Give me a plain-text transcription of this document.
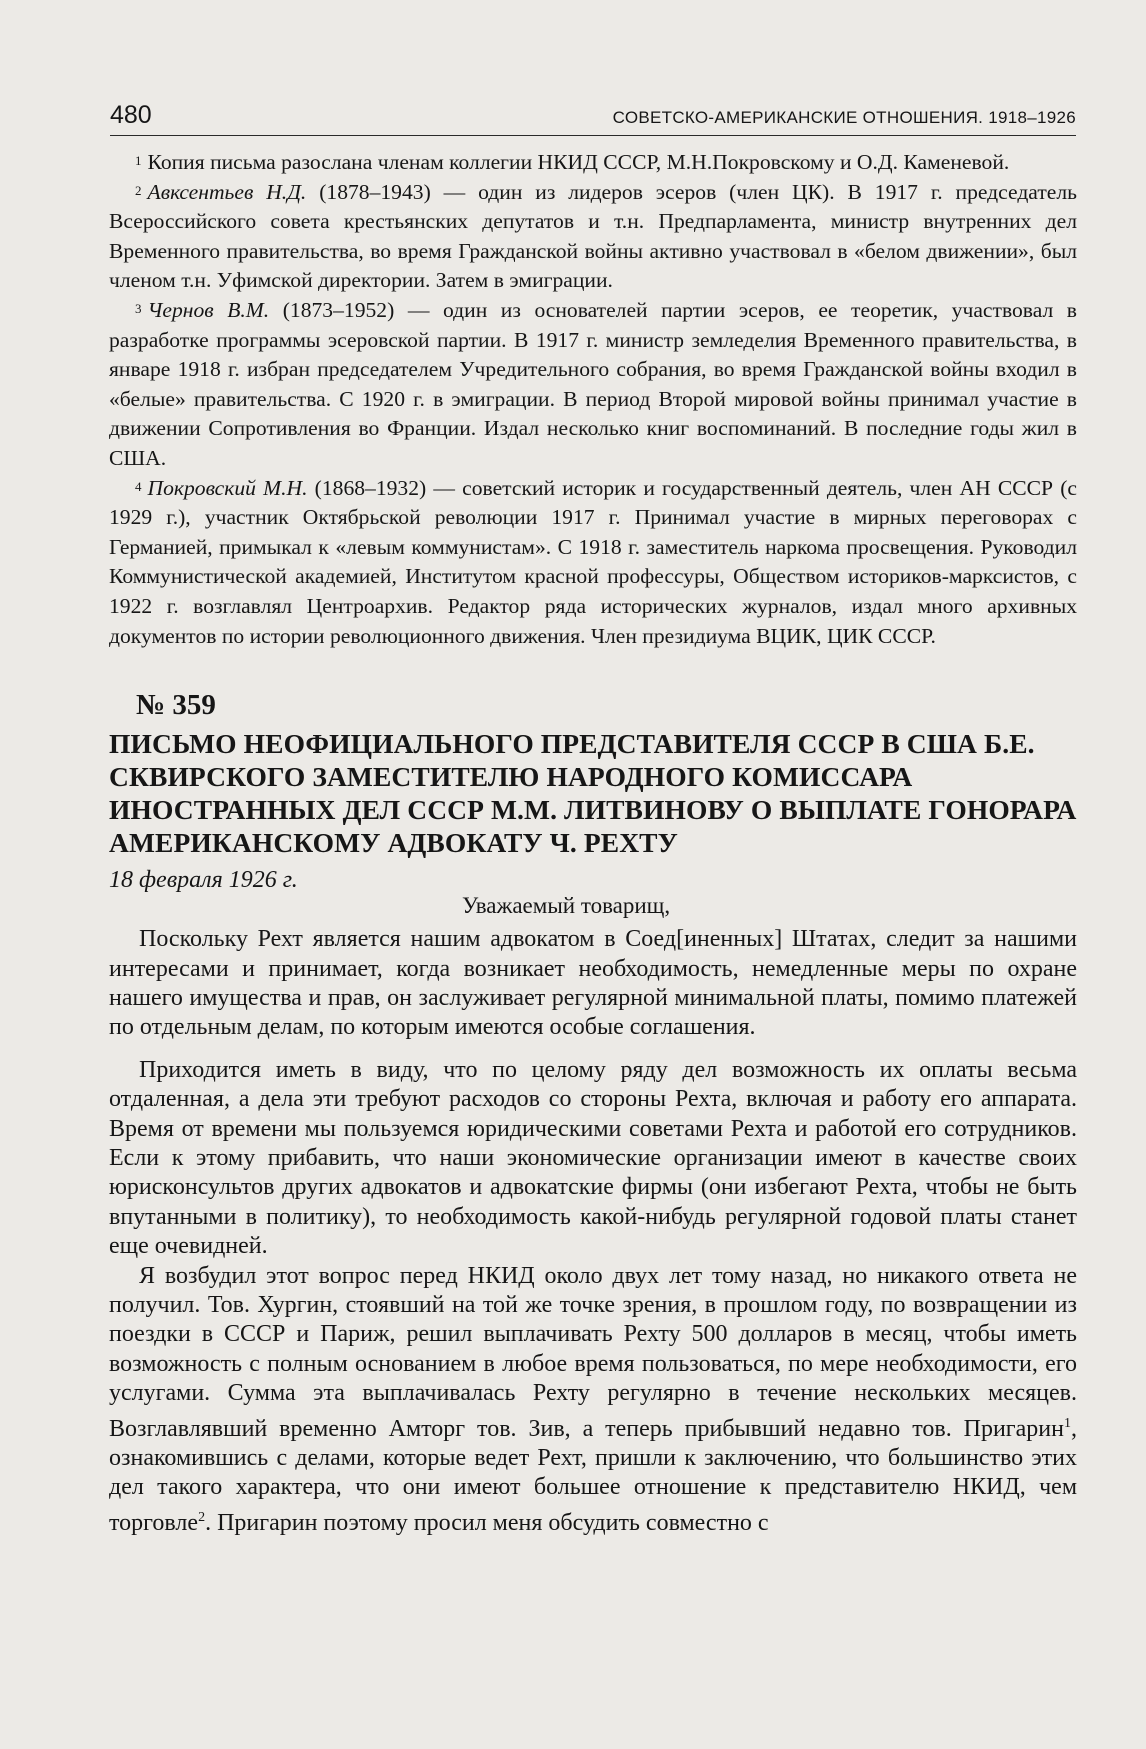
480	СОВЕТСКО-АМЕРИКАНСКИЕ ОТНОШЕНИЯ. 1918–1926

$^1$ Копия письма разослана членам коллегии НКИД СССР, М.Н.Покровскому и О.Д. Каменевой.

$^2$ Авксентьев Н.Д. (1878–1943) — один из лидеров эсеров (член ЦК). В 1917 г. председатель Всероссийского совета крестьянских депутатов и т.н. Предпарламента, министр внутренних дел Временного правительства, во время Гражданской войны активно участвовал в «белом движении», был членом т.н. Уфимской директории. Затем в эмиграции.

$^3$ Чернов В.М. (1873–1952) — один из основателей партии эсеров, ее теоретик, участвовал в разработке программы эсеровской партии. В 1917 г. министр земледелия Временного правительства, в январе 1918 г. избран председателем Учредительного собрания, во время Гражданской войны входил в «белые» правительства. С 1920 г. в эмиграции. В период Второй мировой войны принимал участие в движении Сопротивления во Франции. Издал несколько книг воспоминаний. В последние годы жил в США.

$^4$ Покровский М.Н. (1868–1932) — советский историк и государственный деятель, член АН СССР (с 1929 г.), участник Октябрьской революции 1917 г. Принимал участие в мирных переговорах с Германией, примыкал к «левым коммунистам». С 1918 г. заместитель наркома просвещения. Руководил Коммунистической академией, Институтом красной профессуры, Обществом историков-марксистов, с 1922 г. возглавлял Центроархив. Редактор ряда исторических журналов, издал много архивных документов по истории революционного движения. Член президиума ВЦИК, ЦИК СССР.

№ 359
ПИСЬМО НЕОФИЦИАЛЬНОГО ПРЕДСТАВИТЕЛЯ СССР В США Б.Е. СКВИРСКОГО ЗАМЕСТИТЕЛЮ НАРОДНОГО КОМИССАРА ИНОСТРАННЫХ ДЕЛ СССР М.М. ЛИТВИНОВУ О ВЫПЛАТЕ ГОНОРАРА АМЕРИКАНСКОМУ АДВОКАТУ Ч. РЕХТУ
18 февраля 1926 г.
Уважаемый товарищ,

Поскольку Рехт является нашим адвокатом в Соед[иненных] Штатах, следит за нашими интересами и принимает, когда возникает необходимость, немедленные меры по охране нашего имущества и прав, он заслуживает регулярной минимальной платы, помимо платежей по отдельным делам, по которым имеются особые соглашения.

Приходится иметь в виду, что по целому ряду дел возможность их оплаты весьма отдаленная, а дела эти требуют расходов со стороны Рехта, включая и работу его аппарата. Время от времени мы пользуемся юридическими советами Рехта и работой его сотрудников. Если к этому прибавить, что наши экономические организации имеют в качестве своих юрисконсультов других адвокатов и адвокатские фирмы (они избегают Рехта, чтобы не быть впутанными в политику), то необходимость какой-нибудь регулярной годовой платы станет еще очевидней.

Я возбудил этот вопрос перед НКИД около двух лет тому назад, но никакого ответа не получил. Тов. Хургин, стоявший на той же точке зрения, в прошлом году, по возвращении из поездки в СССР и Париж, решил выплачивать Рехту 500 долларов в месяц, чтобы иметь возможность с полным основанием в любое время пользоваться, по мере необходимости, его услугами. Сумма эта выплачивалась Рехту регулярно в течение нескольких месяцев. Возглавлявший временно Амторг тов. Зив, а теперь прибывший недавно тов. Пригарин$^1$, ознакомившись с делами, которые ведет Рехт, пришли к заключению, что большинство этих дел такого характера, что они имеют большее отношение к представителю НКИД, чем торговле$^2$. Пригарин поэтому просил меня обсудить совместно с
